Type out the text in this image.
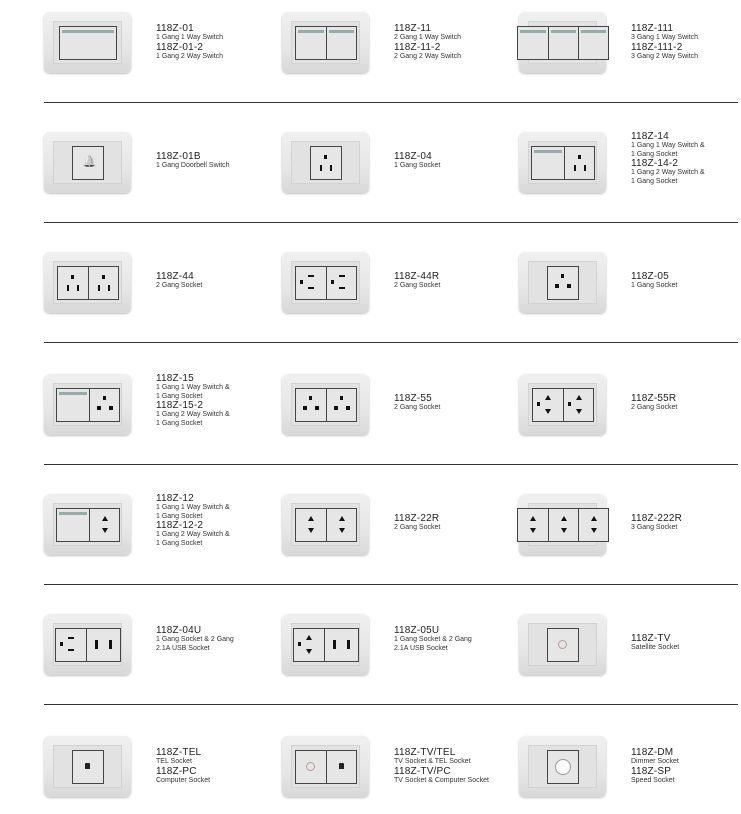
118Z-01
1 Gang 1 Way Switch
118Z-01-2
1 Gang 2 Way Switch
118Z-11
2 Gang 1 Way Switch
118Z-11-2
2 Gang 2 Way Switch
118Z-111
3 Gang 1 Way Switch
118Z-111-2
3 Gang 2 Way Switch
🔔	118Z-01B
1 Gang Doorbell Switch
118Z-04
1 Gang Socket
118Z-14
1 Gang 1 Way Switch &
1 Gang Socket
118Z-14-2
1 Gang 2 Way Switch &
1 Gang Socket
118Z-44
2 Gang Socket
118Z-44R
2 Gang Socket
118Z-05
1 Gang Socket
118Z-15
1 Gang 1 Way Switch &
1 Gang Socket
118Z-15-2
1 Gang 2 Way Switch &
1 Gang Socket
118Z-55
2 Gang Socket
118Z-55R
2 Gang Socket
118Z-12
1 Gang 1 Way Switch &
1 Gang Socket
118Z-12-2
1 Gang 2 Way Switch &
1 Gang Socket
118Z-22R
2 Gang Socket
118Z-222R
3 Gang Socket
118Z-04U
1 Gang Socket & 2 Gang
2.1A USB Socket
118Z-05U
1 Gang Socket & 2 Gang
2.1A USB Socket
118Z-TV
Satellite Socket
118Z-TEL
TEL Socket
118Z-PC
Computer Socket
118Z-TV/TEL
TV Socket & TEL Socket
118Z-TV/PC
TV Socket & Computer Socket
118Z-DM
Dimmer Socket
118Z-SP
Speed Socket
